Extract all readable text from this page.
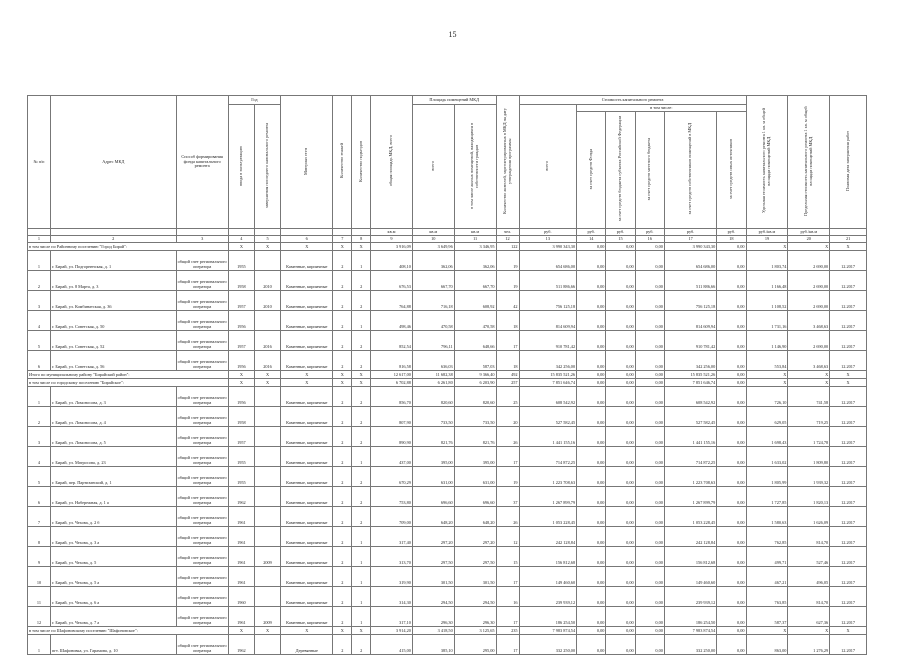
15
№ п/п	Адрес МКД	Способ формирования фонда капитального ремонта	Год		Материал стен	Количество этажей	Количество подъездов	общая площадь МКД, всего	Площадь помещений МКД		Количество жителей, зарегистрированных в МКД на дату утверждения программы	Стоимость капитального ремонта						Удельная стоимость капитального ремонта 1 кв. м общей площади помещений МКД	Предельная стоимость капитального ремонта 1 кв. м общей площади помещений МКД	Плановая дата завершения работ
			ввода в эксплуатацию	завершения последнего капитального ремонта					всего	в том числе жилых помещений, находящихся в собственности граждан		всего	в том числе:							
													за счет средств Фонда	за счет средств бюджета субъекта Российской Федерации	за счет средств местного бюджета	за счет средств собственников помещений в МКД	за счет средств иных источников			
								кв.м	кв.м	кв.м	чел.	руб.	руб.	руб.	руб.	руб.	руб.	руб./кв.м	руб./кв.м	
1	2	3	4	5	6	7	8	9	10	11	12	13	14	15	16	17	18	19	20	21
в том числе по Районному поселению "Город Бирай":			X	X	X	X	X	3 916,09	3 649,96	3 346,95	122	3 990 343,30	0,00	0,00	0,00	3 990 343,30	0,00	X	X	X
1	г. Бирай, ул. Подгорненская, д. 1	общий счет регионального оператора	1955		Каменные, кирпичные	2	1	408,10	362,06	362,06	19	654 686,00	0,00	0,00	0,00	654 686,00	0,00	1 803,74	2 690,00	12.2017
2	г. Бирай, ул. 8 Марта, д. 3	общий счет регионального оператора	1958	2010	Каменные, кирпичные	2	2	676,53	667,70	667,70	19	511 886,66	0,00	0,00	0,00	511 886,66	0,00	1 166,48	2 690,00	12.2017
3	г. Бирай, ул. Комбинатская, д. 36	общий счет регионального оператора	1957	2010	Каменные, кирпичные	2	2	764,88	716,18	608,92	42	756 125,18	0,00	0,00	0,00	756 125,18	0,00	1 108,52	2 690,00	12.2017
4	г. Бирай, ул. Советская, д. 50	общий счет регионального оператора	1956		Каменные, кирпичные	2	1	498,46	470,58	470,58	18	814 609,94	0,00	0,00	0,00	814 609,94	0,00	1 731,16	3 468,63	12.2017
5	г. Бирай, ул. Советская, д. 52	общий счет регионального оператора	1957	2016	Каменные, кирпичные	2	2	852,54	796,11	648,66	17	910 781,42	0,00	0,00	0,00	910 781,42	0,00	1 146,90	2 690,00	12.2017
6	г. Бирай, ул. Советская, д. 56	общий счет регионального оператора	1956	2016	Каменные, кирпичные	2	2	816,58	636,03	587,03	18	342 256,00	0,00	0,00	0,00	342 256,00	0,00	553,84	3 468,63	12.2017
Итого по муниципальному району "Бирайский район":			X	X	X	X	X	12 617,00	11 682,38	9 366,40	492	15 835 521,26	0,00	0,00	0,00	15 835 521,26	0,00	X	X	X
в том числе по городскому поселению "Бирайское":			X	X	X	X	X	6 702,88	6 261,80	6 203,90	257	7 851 646,74	0,00	0,00	0,00	7 851 646,74	0,00	X	X	X
1	г. Бирай, ул. Ломоносова, д. 3	общий счет регионального оператора	1956		Каменные, кирпичные	2	2	856,70	820,60	820,60	25	608 542,92	0,00	0,00	0,00	608 542,92	0,00	726,10	741,58	12.2017
2	г. Бирай, ул. Ломоносова, д. 4	общий счет регионального оператора	1958		Каменные, кирпичные	2	2	807,90	733,50	733,50	20	527 582,45	0,00	0,00	0,00	527 582,45	0,00	629,05	719,25	12.2017
3	г. Бирай, ул. Ломоносова, д. 5	общий счет регионального оператора	1957		Каменные, кирпичные	2	2	890,90	821,76	821,76	26	1 441 155,16	0,00	0,00	0,00	1 441 155,16	0,00	1 698,43	1 724,78	12.2017
4	г. Бирай, ул. Матросова, д. 23	общий счет регионального оператора	1955		Каменные, кирпичные	2	1	437,00	395,00	395,00	17	714 872,25	0,00	0,00	0,00	714 872,25	0,00	1 633,02	1 809,80	12.2017
5	г. Бирай, пер. Партизанский, д. 1	общий счет регионального оператора	1955		Каменные, кирпичные	2	2	670,29	631,00	631,00	19	1 223 708,63	0,00	0,00	0,00	1 223 708,63	0,00	1 805,99	1 939,32	12.2017
6	г. Бирай, ул. Набережная, д. 1 а	общий счет регионального оператора	1962		Каменные, кирпичные	2	2	753,80	696,60	696,60	37	1 267 899,79	0,00	0,00	0,00	1 267 899,79	0,00	1 727,85	1 820,13	12.2017
7	г. Бирай, ул. Чехова, д. 2 б	общий счет регионального оператора	1961		Каменные, кирпичные	2	2	709,00	648,20	648,20	26	1 053 228,45	0,00	0,00	0,00	1 053 228,45	0,00	1 580,63	1 626,09	12.2017
8	г. Бирай, ул. Чехова, д. 3 а	общий счет регионального оператора	1961		Каменные, кирпичные	2	1	317,40	297,20	297,20	12	242 128,84	0,00	0,00	0,00	242 128,84	0,00	762,85	814,70	12.2017
9	г. Бирай, ул. Чехова, д. 5	общий счет регионального оператора	1961	2009	Каменные, кирпичные	2	1	313,70	297,50	297,50	15	156 812,68	0,00	0,00	0,00	156 812,68	0,00	499,71	527,46	12.2017
10	г. Бирай, ул. Чехова, д. 5 а	общий счет регионального оператора	1961		Каменные, кирпичные	2	1	319,90	301,50	301,50	17	149 460,60	0,00	0,00	0,00	149 460,60	0,00	467,21	496,05	12.2017
11	г. Бирай, ул. Чехова, д. 6 а	общий счет регионального оператора	1960		Каменные, кирпичные	2	1	314,30	294,50	294,50	16	239 939,12	0,00	0,00	0,00	239 939,12	0,00	763,85	814,70	12.2017
12	г. Бирай, ул. Чехова, д. 7 а	общий счет регионального оператора	1961	2009	Каменные, кирпичные	2	1	317,10	296,30	296,30	17	186 254,50	0,00	0,00	0,00	186 254,50	0,00	587,37	627,36	12.2017
в том числе по Шафоновскому поселению "Шафоновское":			X	X	X	X	X	3 914,20	3 418,50	3 125,65	235	7 983 874,54	0,00	0,00	0,00	7 983 874,54	0,00	X	X	X
1	пгт. Шафоновка, ул. Гарамова, д. 10	общий счет регионального оператора	1962		Деревянные	2	2	415,00	385,10	295,00	17	332 250,00	0,00	0,00	0,00	332 250,00	0,00	863,00	1 276,29	12.2017
